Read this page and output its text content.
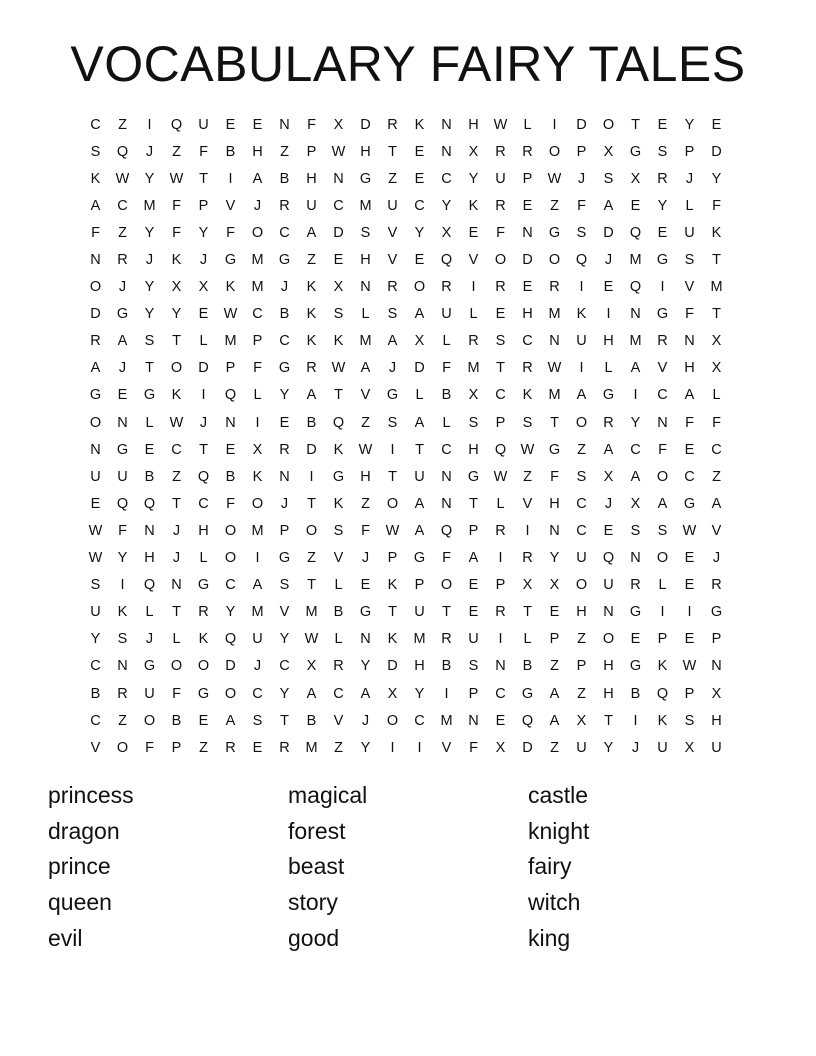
VOCABULARY FAIRY TALES
C	Z	I	Q	U	E	E	N	F	X	D	R	K	N	H	W	L	I	D	O	T	E	Y	E
S	Q	J	Z	F	B	H	Z	P	W	H	T	E	N	X	R	R	O	P	X	G	S	P	D
K	W	Y	W	T	I	A	B	H	N	G	Z	E	C	Y	U	P	W	J	S	X	R	J	Y
A	C	M	F	P	V	J	R	U	C	M	U	C	Y	K	R	E	Z	F	A	E	Y	L	F
F	Z	Y	F	Y	F	O	C	A	D	S	V	Y	X	E	F	N	G	S	D	Q	E	U	K
N	R	J	K	J	G	M	G	Z	E	H	V	E	Q	V	O	D	O	Q	J	M	G	S	T
O	J	Y	X	X	K	M	J	K	X	N	R	O	R	I	R	E	R	I	E	Q	I	V	M
D	G	Y	Y	E	W	C	B	K	S	L	S	A	U	L	E	H	M	K	I	N	G	F	T
R	A	S	T	L	M	P	C	K	K	M	A	X	L	R	S	C	N	U	H	M	R	N	X
A	J	T	O	D	P	F	G	R	W	A	J	D	F	M	T	R	W	I	L	A	V	H	X
G	E	G	K	I	Q	L	Y	A	T	V	G	L	B	X	C	K	M	A	G	I	C	A	L
O	N	L	W	J	N	I	E	B	Q	Z	S	A	L	S	P	S	T	O	R	Y	N	F	F
N	G	E	C	T	E	X	R	D	K	W	I	T	C	H	Q	W	G	Z	A	C	F	E	C
U	U	B	Z	Q	B	K	N	I	G	H	T	U	N	G	W	Z	F	S	X	A	O	C	Z
E	Q	Q	T	C	F	O	J	T	K	Z	O	A	N	T	L	V	H	C	J	X	A	G	A
W	F	N	J	H	O	M	P	O	S	F	W	A	Q	P	R	I	N	C	E	S	S	W	V
W	Y	H	J	L	O	I	G	Z	V	J	P	G	F	A	I	R	Y	U	Q	N	O	E	J
S	I	Q	N	G	C	A	S	T	L	E	K	P	O	E	P	X	X	O	U	R	L	E	R
U	K	L	T	R	Y	M	V	M	B	G	T	U	T	E	R	T	E	H	N	G	I	I	G
Y	S	J	L	K	Q	U	Y	W	L	N	K	M	R	U	I	L	P	Z	O	E	P	E	P
C	N	G	O	O	D	J	C	X	R	Y	D	H	B	S	N	B	Z	P	H	G	K	W	N
B	R	U	F	G	O	C	Y	A	C	A	X	Y	I	P	C	G	A	Z	H	B	Q	P	X
C	Z	O	B	E	A	S	T	B	V	J	O	C	M	N	E	Q	A	X	T	I	K	S	H
V	O	F	P	Z	R	E	R	M	Z	Y	I	I	V	F	X	D	Z	U	Y	J	U	X	U
princess	magical	castle
dragon	forest	knight
prince	beast	fairy
queen	story	witch
evil	good	king
